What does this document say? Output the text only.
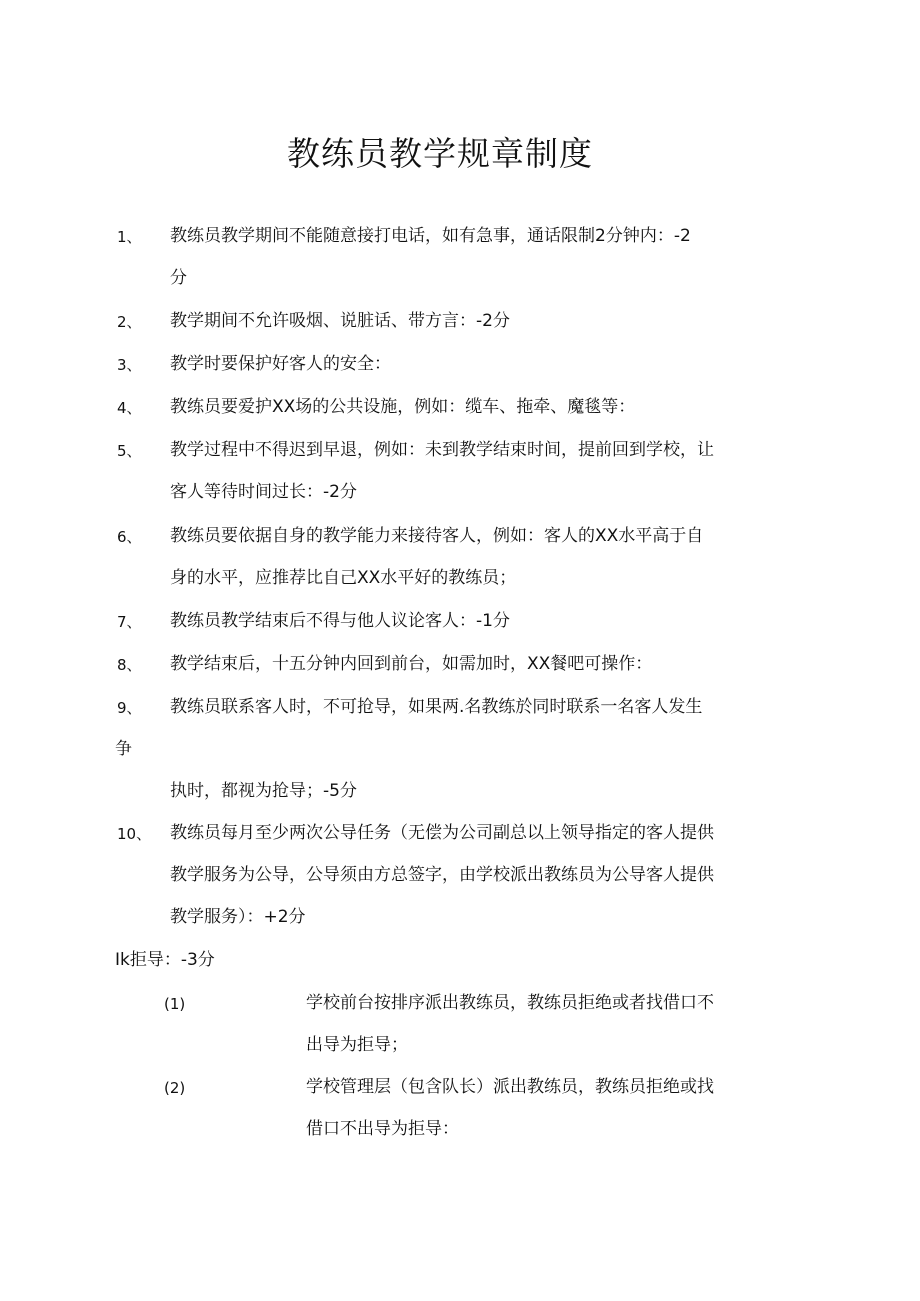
教练员教学规章制度
1、 教练员教学期间不能随意接打电话，如有急事，通话限制2分钟内：-2
分
2、 教学期间不允许吸烟、说脏话、带方言：-2分
3、 教学时要保护好客人的安全：
4、 教练员要爱护XX场的公共设施，例如：缆车、拖牵、魔毯等：
5、 教学过程中不得迟到早退，例如：未到教学结束时间，提前回到学校，让
客人等待时间过长：-2分
6、 教练员要依据自身的教学能力来接待客人，例如：客人的XX水平高于自
身的水平，应推荐比自己XX水平好的教练员；
7、 教练员教学结束后不得与他人议论客人：-1分
8、 教学结束后，十五分钟内回到前台，如需加时，XX餐吧可操作：
9、 教练员联系客人时，不可抢导，如果两.名教练於同时联系一名客人发生
争
执时，都视为抢导；-5分
10、 教练员每月至少两次公导任务（无偿为公司副总以上领导指定的客人提供
教学服务为公导，公导须由方总签字，由学校派出教练员为公导客人提供
教学服务）：+2分
Ik拒导：-3分
(1)	学校前台按排序派出教练员，教练员拒绝或者找借口不
出导为拒导；
(2)	学校管理层（包含队长）派出教练员，教练员拒绝或找
借口不出导为拒导：
